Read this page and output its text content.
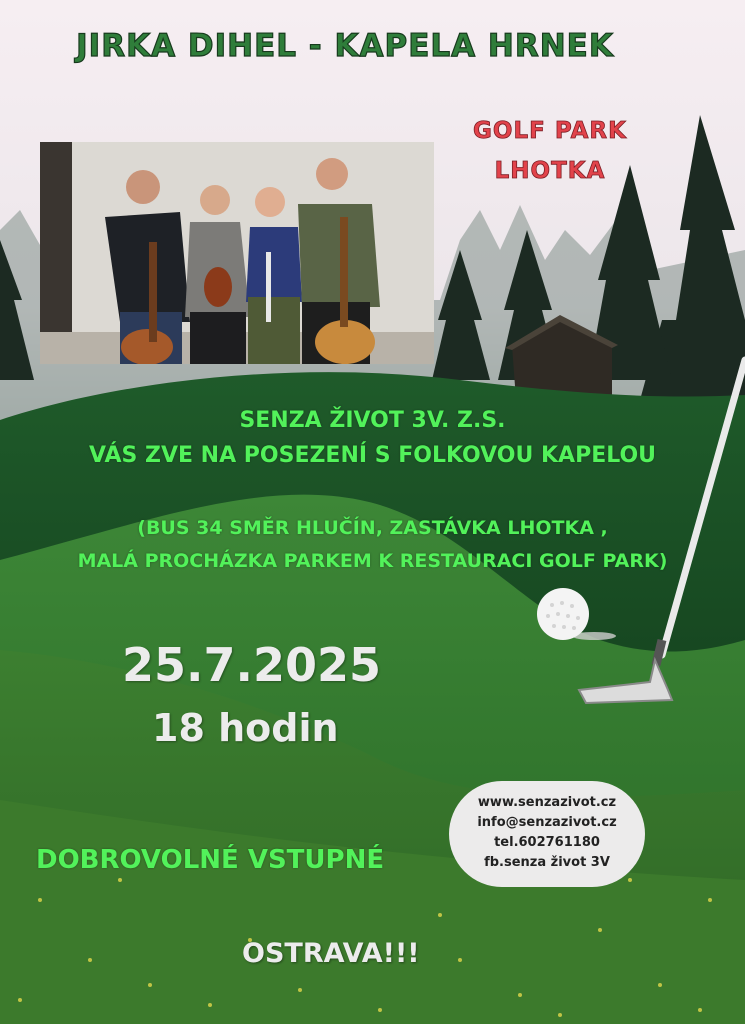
JIRKA DIHEL - KAPELA HRNEK
GOLF PARK
LHOTKA
SENZA ŽIVOT 3V. Z.S.
VÁS ZVE NA POSEZENÍ S FOLKOVOU KAPELOU
(BUS 34 SMĚR HLUČÍN, ZASTÁVKA LHOTKA ,
MALÁ PROCHÁZKA PARKEM K RESTAURACI GOLF PARK)
25.7.2025
18 hodin
DOBROVOLNÉ VSTUPNÉ
OSTRAVA!!!
www.senzazivot.cz
info@senzazivot.cz
tel.602761180
fb.senza život 3V
